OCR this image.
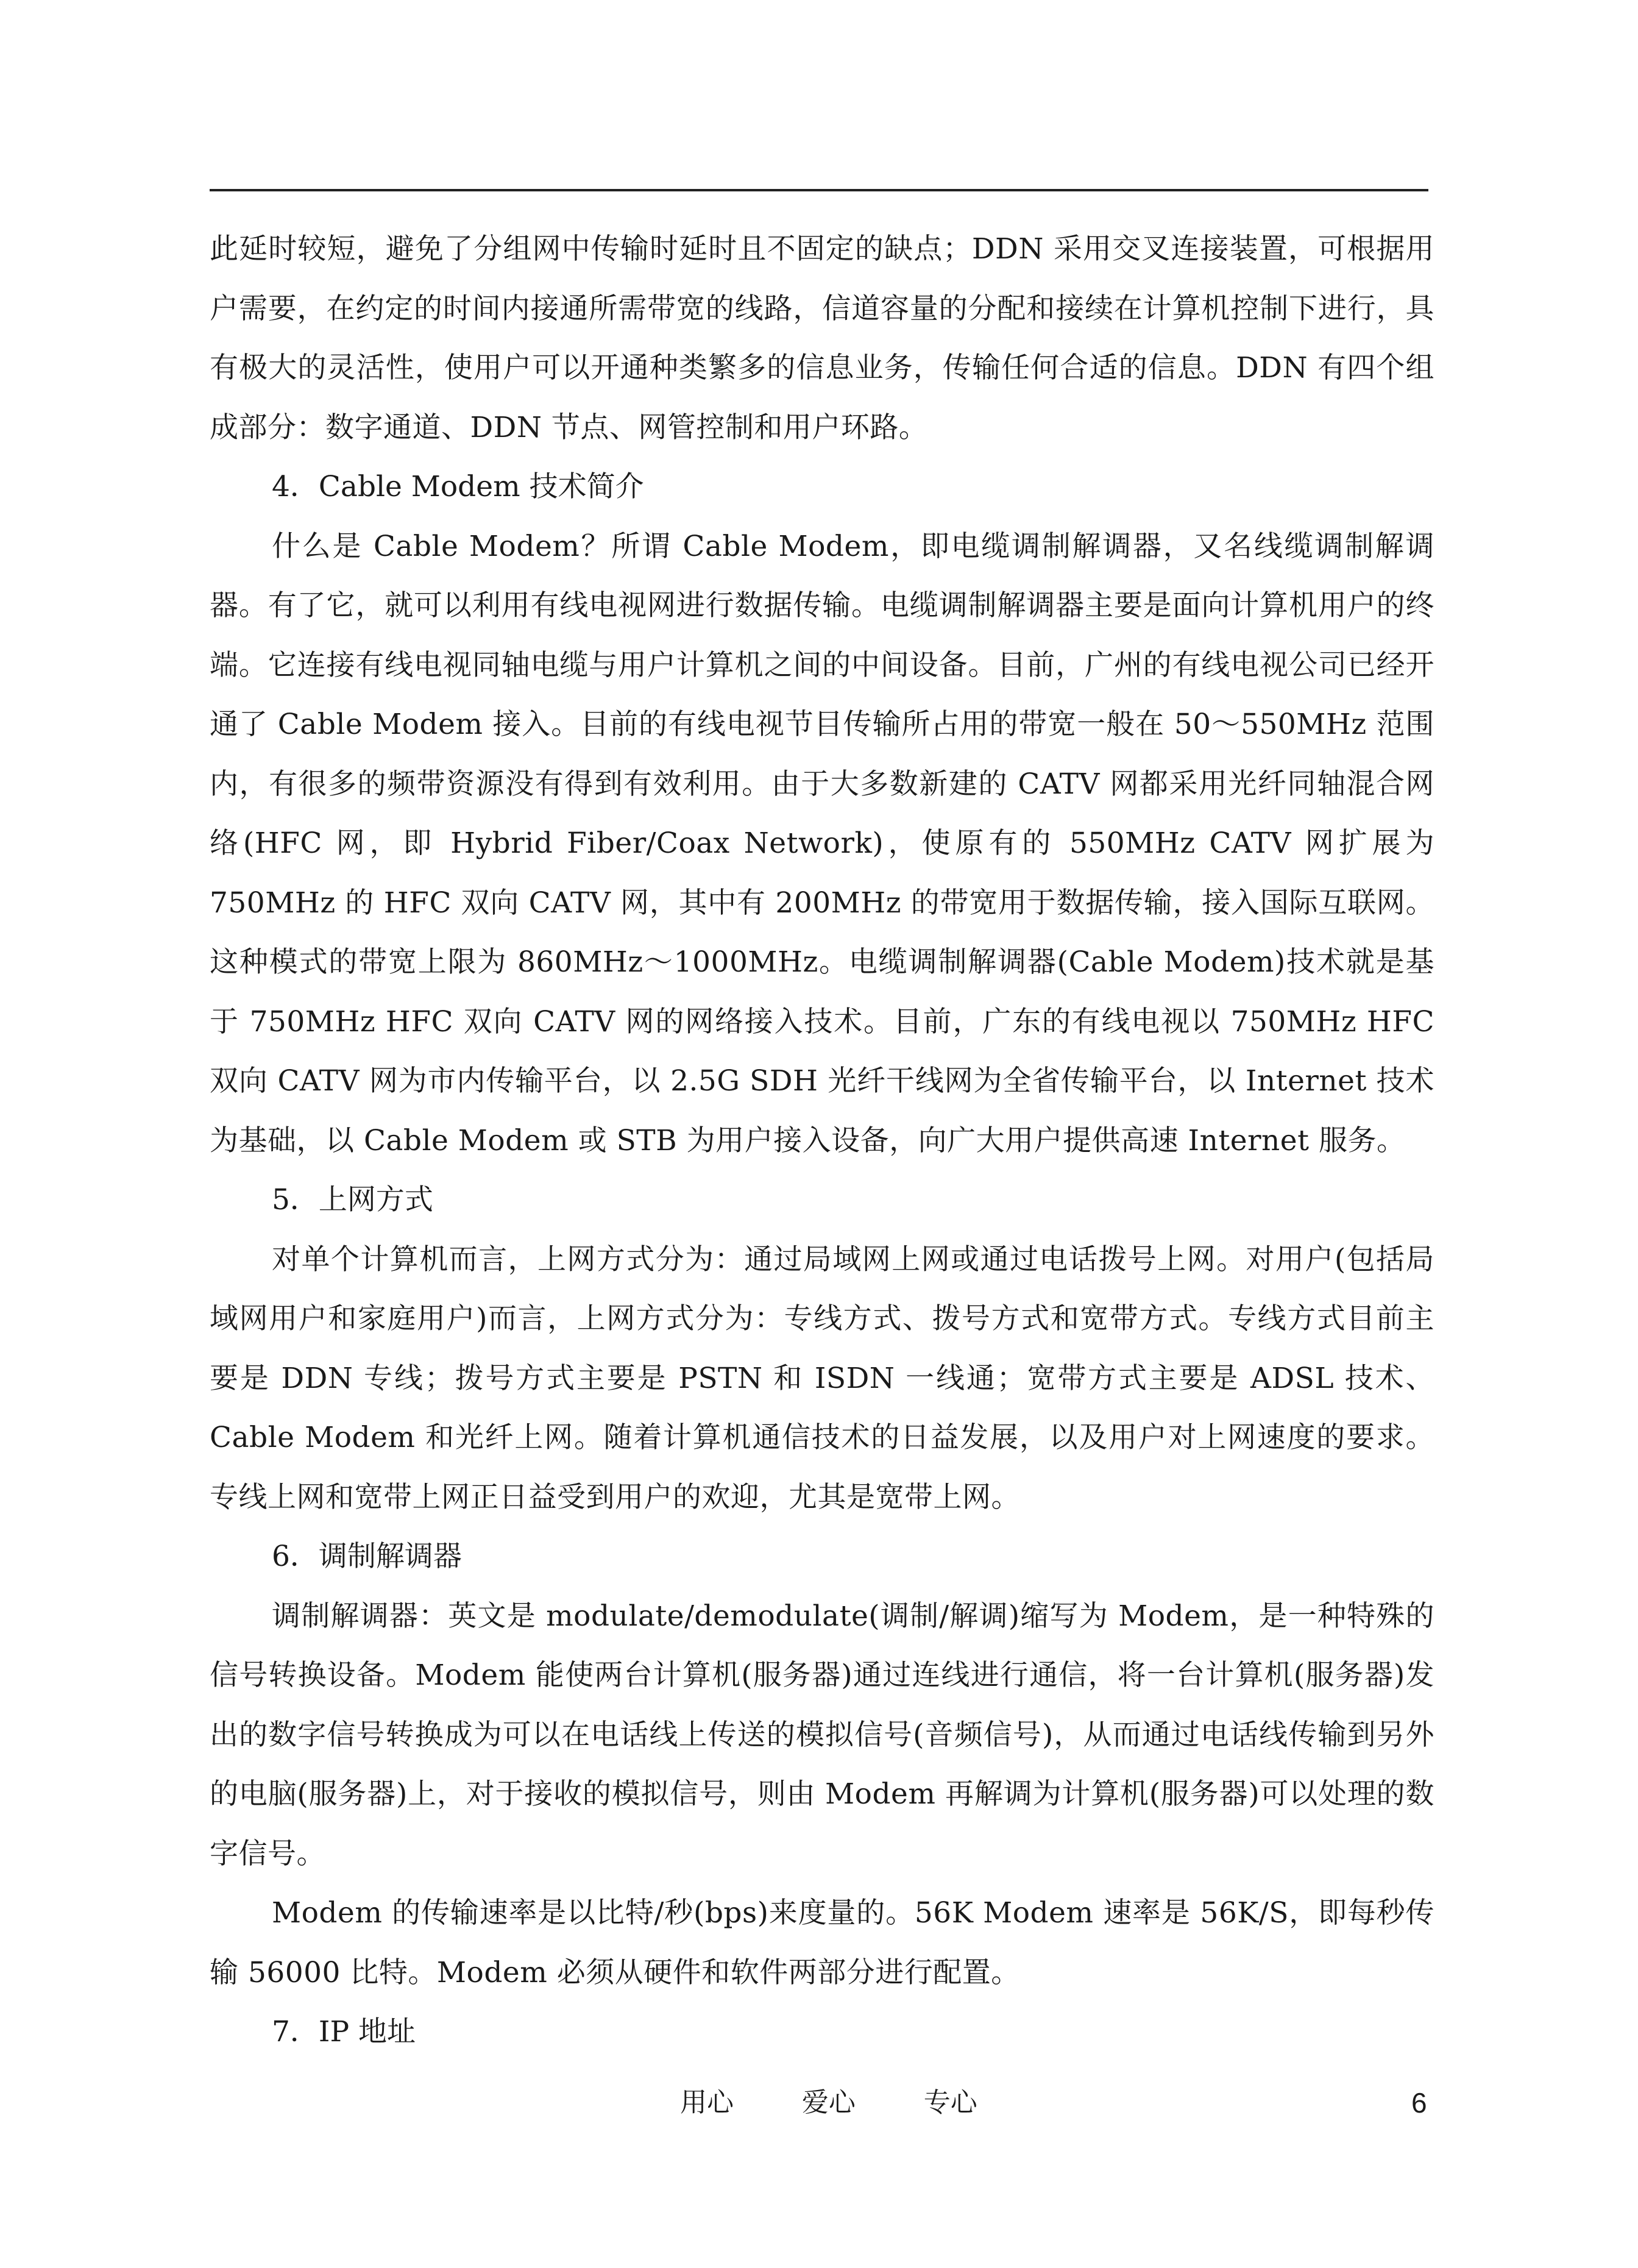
此延时较短，避免了分组网中传输时延时且不固定的缺点；DDN 采用交叉连接装置，可根据用户需要，在约定的时间内接通所需带宽的线路，信道容量的分配和接续在计算机控制下进行，具有极大的灵活性，使用户可以开通种类繁多的信息业务，传输任何合适的信息。DDN 有四个组成部分：数字通道、DDN 节点、网管控制和用户环路。

4．Cable Modem 技术简介

什么是 Cable Modem？所谓 Cable Modem，即电缆调制解调器，又名线缆调制解调器。有了它，就可以利用有线电视网进行数据传输。电缆调制解调器主要是面向计算机用户的终端。它连接有线电视同轴电缆与用户计算机之间的中间设备。目前，广州的有线电视公司已经开通了 Cable Modem 接入。目前的有线电视节目传输所占用的带宽一般在 50～550MHz 范围内，有很多的频带资源没有得到有效利用。由于大多数新建的 CATV 网都采用光纤同轴混合网络(HFC 网，即 Hybrid Fiber/Coax Network)，使原有的 550MHz CATV 网扩展为 750MHz 的 HFC 双向 CATV 网，其中有 200MHz 的带宽用于数据传输，接入国际互联网。这种模式的带宽上限为 860MHz～1000MHz。电缆调制解调器(Cable Modem)技术就是基于 750MHz HFC 双向 CATV 网的网络接入技术。目前，广东的有线电视以 750MHz HFC 双向 CATV 网为市内传输平台，以 2.5G SDH 光纤干线网为全省传输平台，以 Internet 技术为基础，以 Cable Modem 或 STB 为用户接入设备，向广大用户提供高速 Internet 服务。

5．上网方式

对单个计算机而言，上网方式分为：通过局域网上网或通过电话拨号上网。对用户(包括局域网用户和家庭用户)而言，上网方式分为：专线方式、拨号方式和宽带方式。专线方式目前主要是 DDN 专线；拨号方式主要是 PSTN 和 ISDN 一线通；宽带方式主要是 ADSL 技术、Cable Modem 和光纤上网。随着计算机通信技术的日益发展，以及用户对上网速度的要求。专线上网和宽带上网正日益受到用户的欢迎，尤其是宽带上网。

6．调制解调器

调制解调器：英文是 modulate/demodulate(调制/解调)缩写为 Modem，是一种特殊的信号转换设备。Modem 能使两台计算机(服务器)通过连线进行通信，将一台计算机(服务器)发出的数字信号转换成为可以在电话线上传送的模拟信号(音频信号)，从而通过电话线传输到另外的电脑(服务器)上，对于接收的模拟信号，则由 Modem 再解调为计算机(服务器)可以处理的数字信号。

Modem 的传输速率是以比特/秒(bps)来度量的。56K Modem 速率是 56K/S，即每秒传输 56000 比特。Modem 必须从硬件和软件两部分进行配置。

7．IP 地址

用心        爱心        专心	6
